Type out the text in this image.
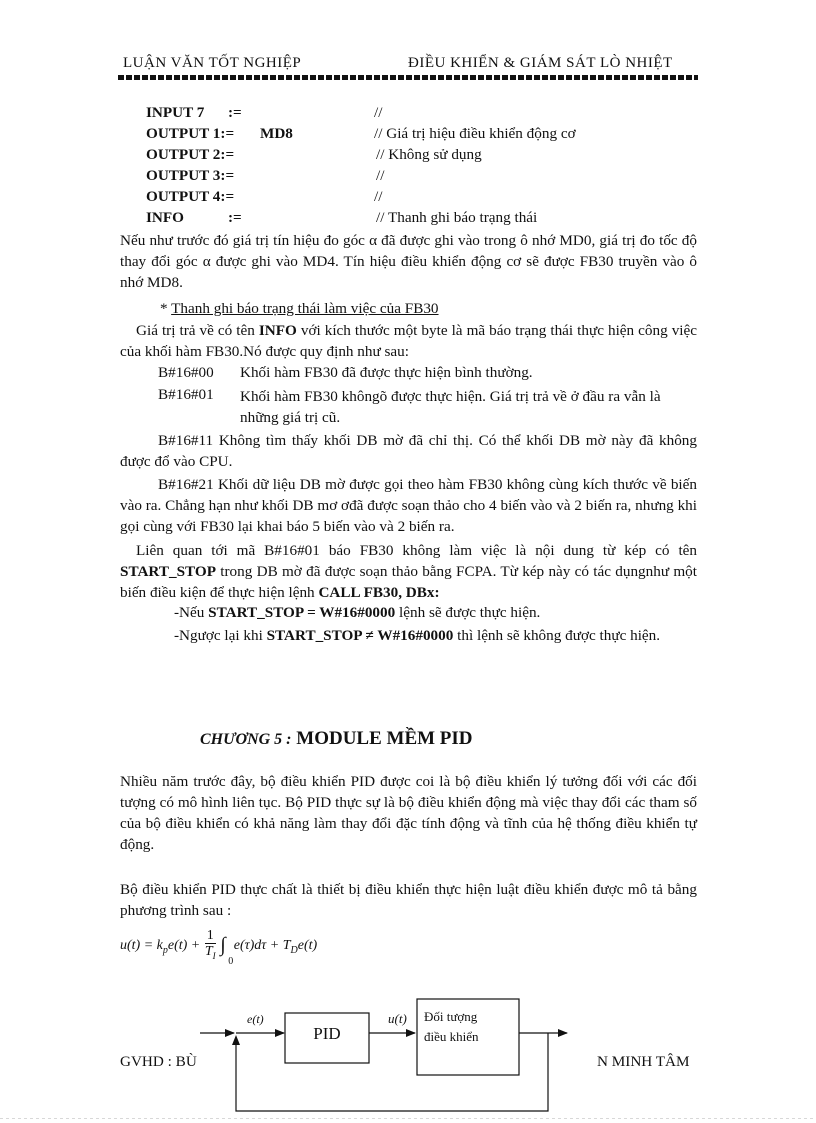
LUẬN VĂN TỐT NGHIỆP	ĐIỀU KHIỂN & GIÁM SÁT LÒ NHIỆT
INPUT 7 :=	//
OUTPUT 1:= MD8	// Giá trị hiệu điều khiển động cơ
OUTPUT 2:=	// Không sử dụng
OUTPUT 3:=	//
OUTPUT 4:=	//
INFO	:=	// Thanh ghi báo trạng thái
Nếu như trước đó giá trị tín hiệu đo góc α đã được ghi vào trong ô nhớ MD0, giá trị đo tốc độ thay đổi góc α được ghi vào MD4. Tín hiệu điều khiển động cơ sẽ được FB30 truyền vào ô nhớ MD8.
* Thanh ghi báo trạng thái làm việc của FB30
Giá trị trả về có tên INFO với kích thước một byte là mã báo trạng thái thực hiện công việc của khối hàm FB30.Nó được quy định như sau:
B#16#00 Khối hàm FB30 đã được thực hiện bình thường.
B#16#01 Khối hàm FB30 khôngõ được thực hiện. Giá trị trả về ở đầu ra vẫn là những giá trị cũ.
B#16#11 Không tìm thấy khối DB mờ đã chỉ thị. Có thể khối DB mờ này đã không được đổ vào CPU.
B#16#21 Khối dữ liệu DB mờ được gọi theo hàm FB30 không cùng kích thước về biến vào ra. Chẳng hạn như khối DB mơ ơđã được soạn thảo cho 4 biến vào và 2 biến ra, nhưng khi gọi cùng với FB30 lại khai báo 5 biến vào và 2 biến ra.
Liên quan tới mã B#16#01 báo FB30 không làm việc là nội dung từ kép có tên START_STOP trong DB mờ đã được soạn thảo bằng FCPA. Từ kép này có tác dụngnhư một biến điều kiện để thực hiện lệnh CALL FB30, DBx:
-Nếu START_STOP = W#16#0000 lệnh sẽ được thực hiện.
-Ngược lại khi START_STOP ≠ W#16#0000 thì lệnh sẽ không được thực hiện.
CHƯƠNG 5 : MODULE MỀM PID
Nhiều năm trước đây, bộ điều khiển PID được coi là bộ điều khiển lý tưởng đối với các đối tượng có mô hình liên tục. Bộ PID thực sự là bộ điều khiển động mà việc thay đổi các tham số của bộ điều khiển có khả năng làm thay đổi đặc tính động và tĩnh của hệ thống điều khiển tự động.
Bộ điều khiển PID thực chất là thiết bị điều khiển thực hiện luật điều khiển được mô tả bằng phương trình sau :
$u(t) = k_pe(t) + \frac{1}{T_I}$ ∫
0
$e(\tau)d\tau + T_De(t)$
GVHD : BÙ	N MINH TÂM
e(t)
PID
u(t) Đối tượng
điều khiển
